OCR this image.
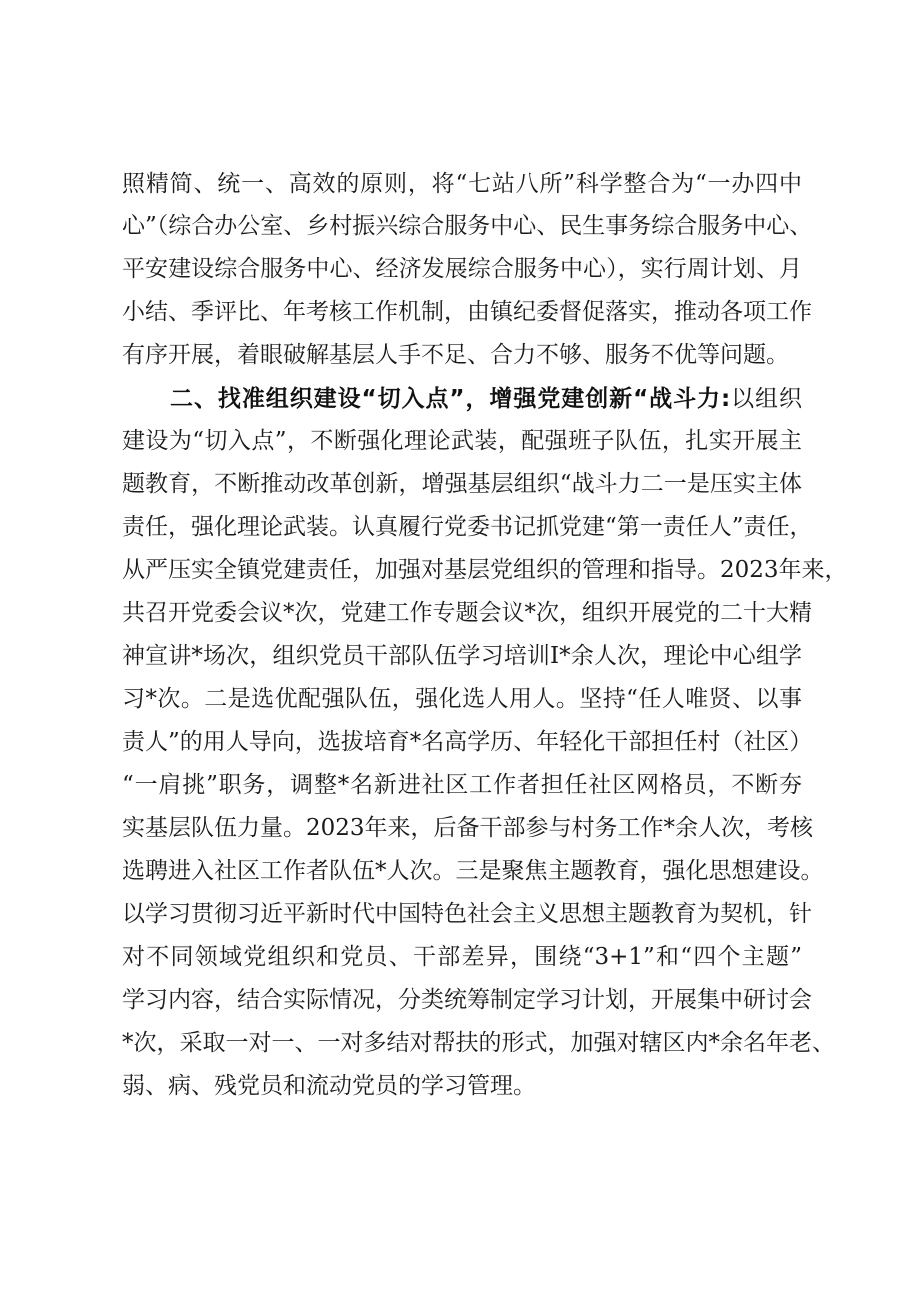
照精简、统一、高效的原则，将“七站八所”科学整合为“一办四中
心”（综合办公室、乡村振兴综合服务中心、民生事务综合服务中心、
平安建设综合服务中心、经济发展综合服务中心），实行周计划、月
小结、季评比、年考核工作机制，由镇纪委督促落实，推动各项工作
有序开展，着眼破解基层人手不足、合力不够、服务不优等问题。
二、找准组织建设“切入点”，增强党建创新“战斗力:以组织
建设为“切入点”，不断强化理论武装，配强班子队伍，扎实开展主
题教育，不断推动改革创新，增强基层组织“战斗力二一是压实主体
责任，强化理论武装。认真履行党委书记抓党建“第一责任人”责任，
从严压实全镇党建责任，加强对基层党组织的管理和指导。2023年来，
共召开党委会议*次，党建工作专题会议*次，组织开展党的二十大精
神宣讲*场次，组织党员干部队伍学习培训I*余人次，理论中心组学
习*次。二是选优配强队伍，强化选人用人。坚持“任人唯贤、以事
责人”的用人导向，选拔培育*名高学历、年轻化干部担任村（社区）
“一肩挑”职务，调整*名新进社区工作者担任社区网格员，不断夯
实基层队伍力量。2023年来，后备干部参与村务工作*余人次，考核
选聘进入社区工作者队伍*人次。三是聚焦主题教育，强化思想建设。
以学习贯彻习近平新时代中国特色社会主义思想主题教育为契机，针
对不同领域党组织和党员、干部差异，围绕“3+1”和“四个主题”
学习内容，结合实际情况，分类统筹制定学习计划，开展集中研讨会
*次，采取一对一、一对多结对帮扶的形式，加强对辖区内*余名年老、
弱、病、残党员和流动党员的学习管理。
